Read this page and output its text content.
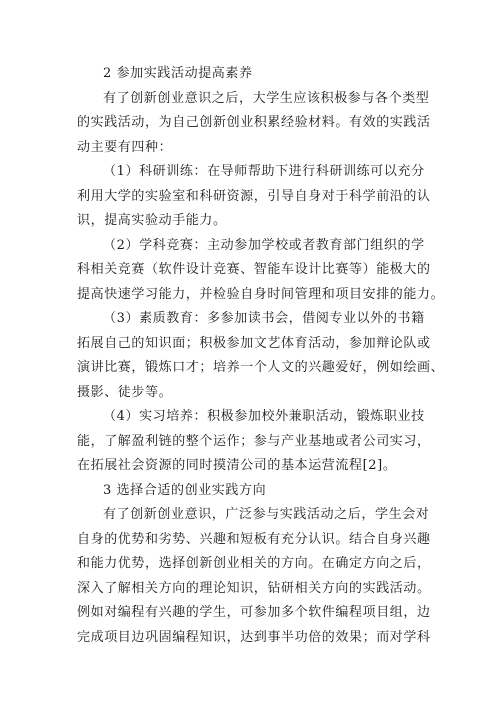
2 参加实践活动提高素养
有了创新创业意识之后，大学生应该积极参与各个类型
的实践活动，为自己创新创业积累经验材料。有效的实践活
动主要有四种：
（1）科研训练：在导师帮助下进行科研训练可以充分
利用大学的实验室和科研资源，引导自身对于科学前沿的认
识，提高实验动手能力。
（2）学科竞赛：主动参加学校或者教育部门组织的学
科相关竞赛（软件设计竞赛、智能车设计比赛等）能极大的
提高快速学习能力，并检验自身时间管理和项目安排的能力。
（3）素质教育：多参加读书会，借阅专业以外的书籍
拓展自己的知识面；积极参加文艺体育活动，参加辩论队或
演讲比赛，锻炼口才；培养一个人文的兴趣爱好，例如绘画、
摄影、徒步等。
（4）实习培养：积极参加校外兼职活动，锻炼职业技
能，了解盈利链的整个运作；参与产业基地或者公司实习，
在拓展社会资源的同时摸清公司的基本运营流程[2]。
3 选择合适的创业实践方向
有了创新创业意识，广泛参与实践活动之后，学生会对
自身的优势和劣势、兴趣和短板有充分认识。结合自身兴趣
和能力优势，选择创新创业相关的方向。在确定方向之后，
深入了解相关方向的理论知识，钻研相关方向的实践活动。
例如对编程有兴趣的学生，可参加多个软件编程项目组，边
完成项目边巩固编程知识，达到事半功倍的效果；而对学科
